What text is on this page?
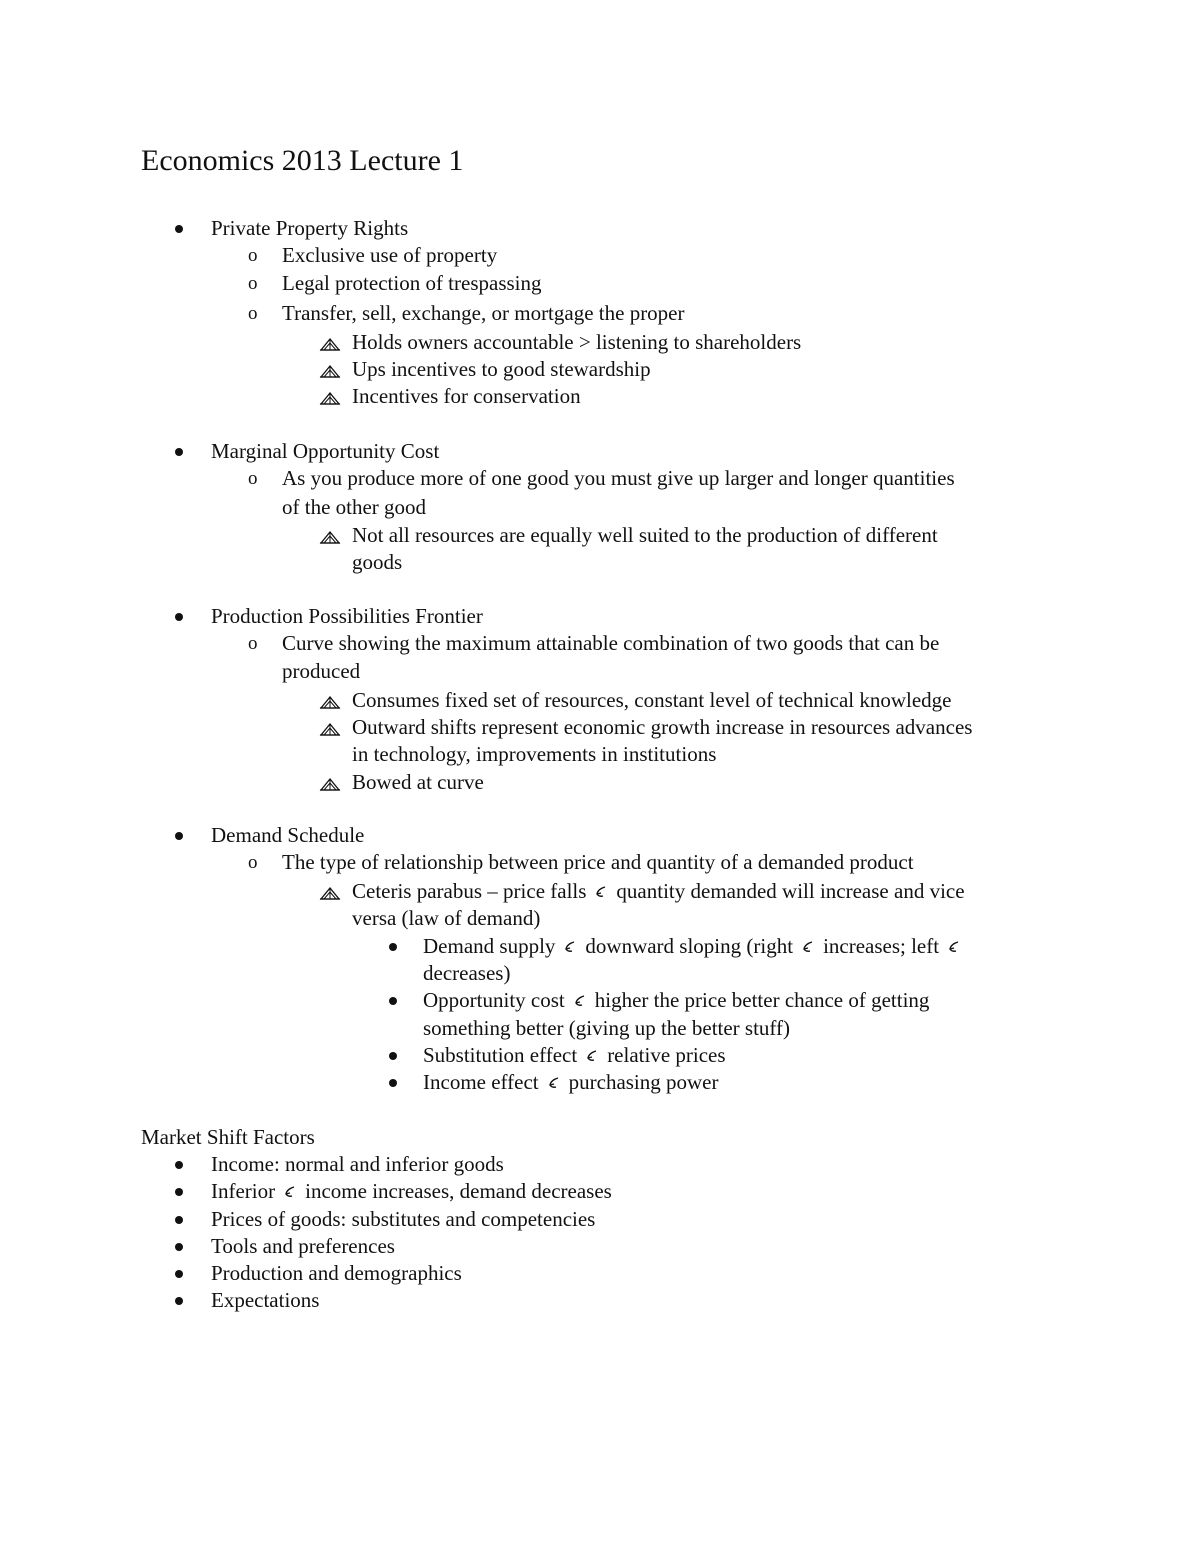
Economics 2013 Lecture 1
Private Property Rights
o Exclusive use of property
o Legal protection of trespassing
o Transfer, sell, exchange, or mortgage the proper
Holds owners accountable > listening to shareholders
Ups incentives to good stewardship
Incentives for conservation
Marginal Opportunity Cost
o As you produce more of one good you must give up larger and longer quantities
of the other good
Not all resources are equally well suited to the production of different
goods
Production Possibilities Frontier
o Curve showing the maximum attainable combination of two goods that can be
produced
Consumes fixed set of resources, constant level of technical knowledge
Outward shifts represent economic growth increase in resources advances
in technology, improvements in institutions
Bowed at curve
Demand Schedule
o The type of relationship between price and quantity of a demanded product
Ceteris parabus – price falls quantity demanded will increase and vice
versa (law of demand)
Demand supply downward sloping (right increases; left
decreases)
Opportunity cost higher the price better chance of getting
something better (giving up the better stuff)
Substitution effect relative prices
Income effect purchasing power
Market Shift Factors
Income: normal and inferior goods
Inferior income increases, demand decreases
Prices of goods: substitutes and competencies
Tools and preferences
Production and demographics
Expectations
